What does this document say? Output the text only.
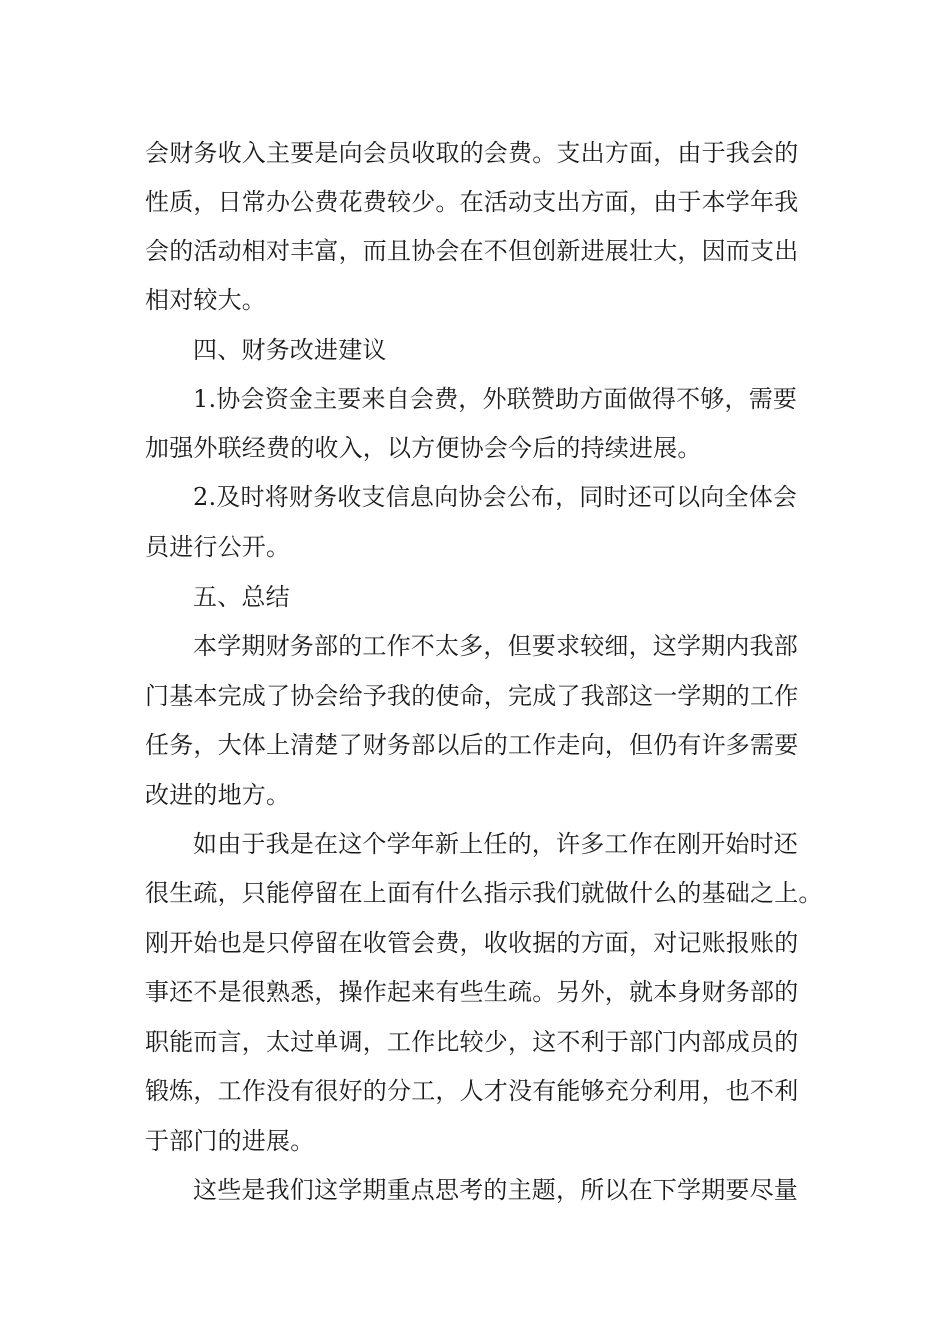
会财务收入主要是向会员收取的会费。支出方面，由于我会的
性质，日常办公费花费较少。在活动支出方面，由于本学年我
会的活动相对丰富，而且协会在不但创新进展壮大，因而支出
相对较大。
四、财务改进建议
1.协会资金主要来自会费，外联赞助方面做得不够，需要
加强外联经费的收入，以方便协会今后的持续进展。
2.及时将财务收支信息向协会公布，同时还可以向全体会
员进行公开。
五、总结
本学期财务部的工作不太多，但要求较细，这学期内我部
门基本完成了协会给予我的使命，完成了我部这一学期的工作
任务，大体上清楚了财务部以后的工作走向，但仍有许多需要
改进的地方。
如由于我是在这个学年新上任的，许多工作在刚开始时还
很生疏，只能停留在上面有什么指示我们就做什么的基础之上。
刚开始也是只停留在收管会费，收收据的方面，对记账报账的
事还不是很熟悉，操作起来有些生疏。另外，就本身财务部的
职能而言，太过单调，工作比较少，这不利于部门内部成员的
锻炼，工作没有很好的分工，人才没有能够充分利用，也不利
于部门的进展。
这些是我们这学期重点思考的主题，所以在下学期要尽量
